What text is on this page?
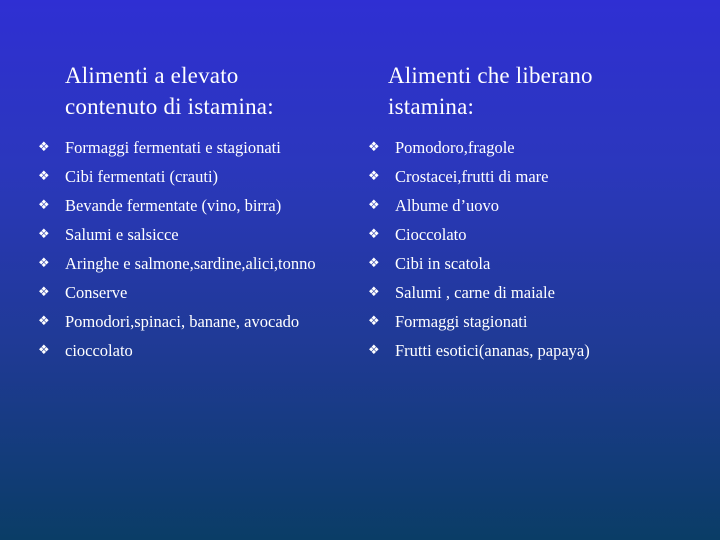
Alimenti a elevato
contenuto di istamina:
❖ Formaggi fermentati e stagionati
❖ Cibi fermentati (crauti)
❖ Bevande fermentate (vino, birra)
❖ Salumi e salsicce
❖ Aringhe e salmone,sardine,alici,tonno
❖ Conserve
❖ Pomodori,spinaci, banane, avocado
❖ cioccolato
Alimenti che liberano
istamina:
❖ Pomodoro,fragole
❖ Crostacei,frutti di mare
❖ Albume d’uovo
❖ Cioccolato
❖ Cibi in scatola
❖ Salumi , carne di maiale
❖ Formaggi stagionati
❖ Frutti esotici(ananas, papaya)
